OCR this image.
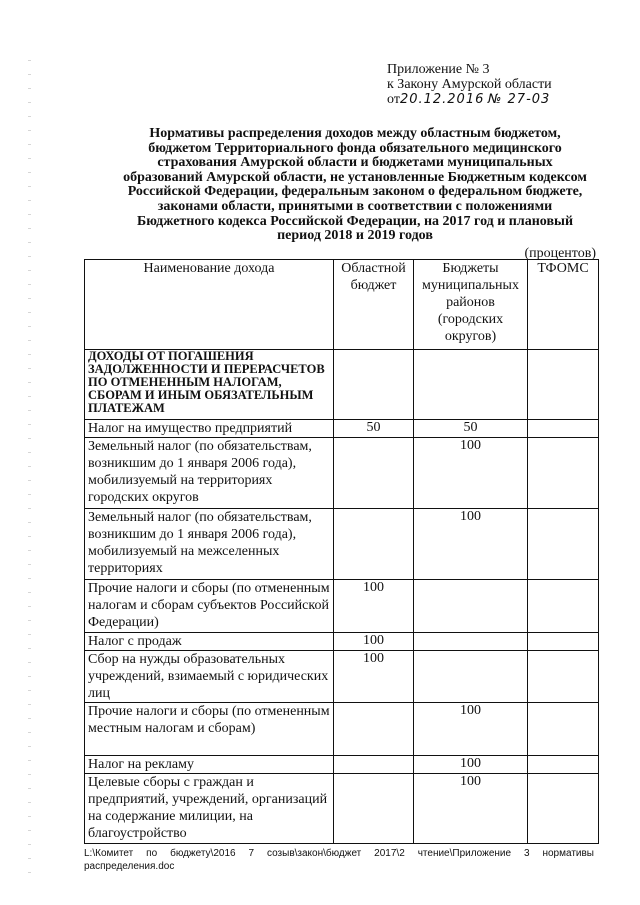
Приложение № 3
к Закону Амурской области
от20.12.2016 № 27-03
Нормативы распределения доходов между областным бюджетом, бюджетом Территориального фонда обязательного медицинского страхования Амурской области и бюджетами муниципальных образований Амурской области, не установленные Бюджетным кодексом Российской Федерации, федеральным законом о федеральном бюджете, законами области, принятыми в соответствии с положениями Бюджетного кодекса Российской Федерации, на 2017 год и плановый период 2018 и 2019 годов
(процентов)
Наименование дохода	Областной бюджет	Бюджеты муниципальных районов (городских округов)	ТФОМС
ДОХОДЫ ОТ ПОГАШЕНИЯ ЗАДОЛЖЕННОСТИ И ПЕРЕРАСЧЕТОВ ПО ОТМЕНЕННЫМ НАЛОГАМ, СБОРАМ И ИНЫМ ОБЯЗАТЕЛЬНЫМ ПЛАТЕЖАМ			
Налог на имущество предприятий	50	50	
Земельный налог (по обязательствам, возникшим до 1 января 2006 года), мобилизуемый на территориях городских округов		100	
Земельный налог (по обязательствам, возникшим до 1 января 2006 года), мобилизуемый на межселенных территориях		100	
Прочие налоги и сборы (по отмененным налогам и сборам субъектов Российской Федерации)	100		
Налог с продаж	100		
Сбор на нужды образовательных учреждений, взимаемый с юридических лиц	100		
Прочие налоги и сборы (по отмененным местным налогам и сборам)		100	
Налог на рекламу		100	
Целевые сборы с граждан и предприятий, учреждений, организаций на содержание милиции, на благоустройство		100	
L:\Комитет по бюджету\2016 7 созыв\закон\бюджет 2017\2 чтение\Приложение 3 нормативы распределения.doc
